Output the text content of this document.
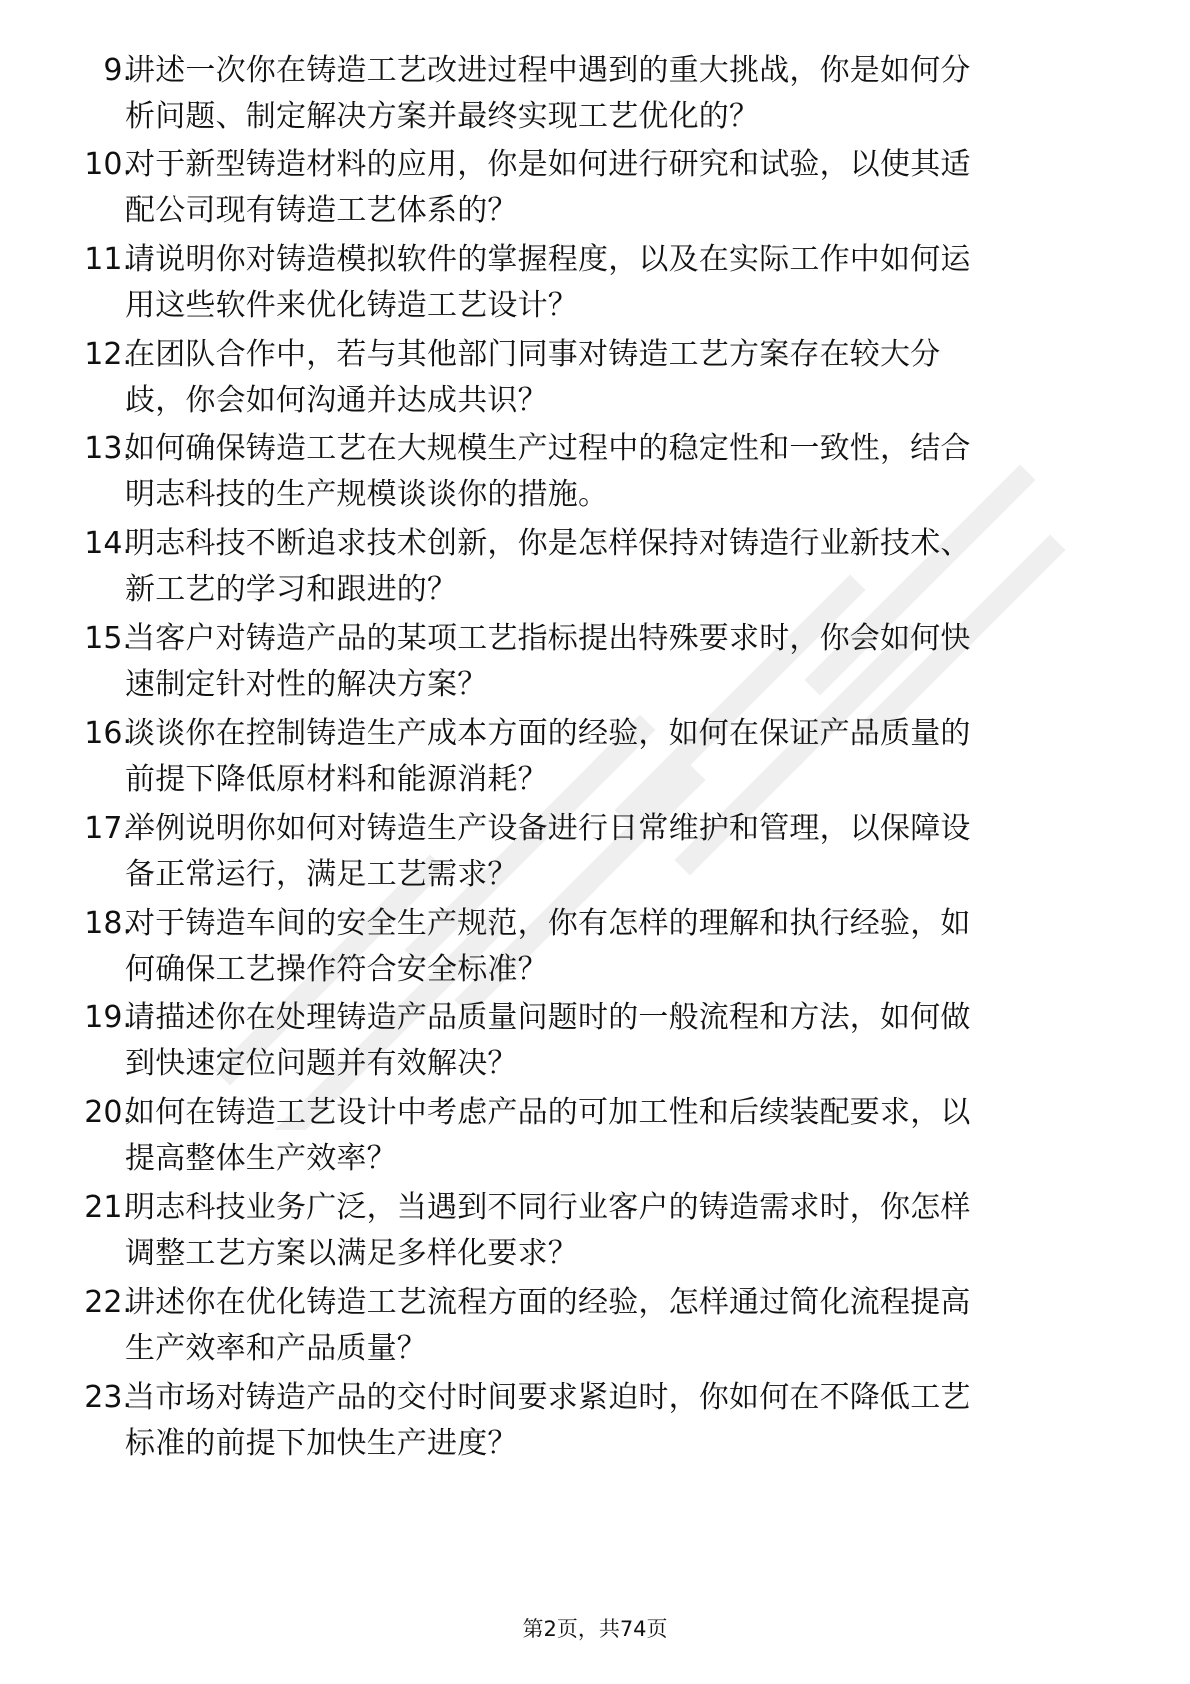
9.
讲述一次你在铸造工艺改进过程中遇到的重大挑战，你是如何分
析问题、制定解决方案并最终实现工艺优化的？
10.
对于新型铸造材料的应用，你是如何进行研究和试验，以使其适
配公司现有铸造工艺体系的？
11.
请说明你对铸造模拟软件的掌握程度，以及在实际工作中如何运
用这些软件来优化铸造工艺设计？
12.
在团队合作中，若与其他部门同事对铸造工艺方案存在较大分
歧，你会如何沟通并达成共识？
13.
如何确保铸造工艺在大规模生产过程中的稳定性和一致性，结合
明志科技的生产规模谈谈你的措施。
14.
明志科技不断追求技术创新，你是怎样保持对铸造行业新技术、
新工艺的学习和跟进的？
15.
当客户对铸造产品的某项工艺指标提出特殊要求时，你会如何快
速制定针对性的解决方案？
16.
谈谈你在控制铸造生产成本方面的经验，如何在保证产品质量的
前提下降低原材料和能源消耗？
17.
举例说明你如何对铸造生产设备进行日常维护和管理，以保障设
备正常运行，满足工艺需求？
18.
对于铸造车间的安全生产规范，你有怎样的理解和执行经验，如
何确保工艺操作符合安全标准？
19.
请描述你在处理铸造产品质量问题时的一般流程和方法，如何做
到快速定位问题并有效解决？
20.
如何在铸造工艺设计中考虑产品的可加工性和后续装配要求，以
提高整体生产效率？
21.
明志科技业务广泛，当遇到不同行业客户的铸造需求时，你怎样
调整工艺方案以满足多样化要求？
22.
讲述你在优化铸造工艺流程方面的经验，怎样通过简化流程提高
生产效率和产品质量？
23.
当市场对铸造产品的交付时间要求紧迫时，你如何在不降低工艺
标准的前提下加快生产进度？
第2页，共74页
